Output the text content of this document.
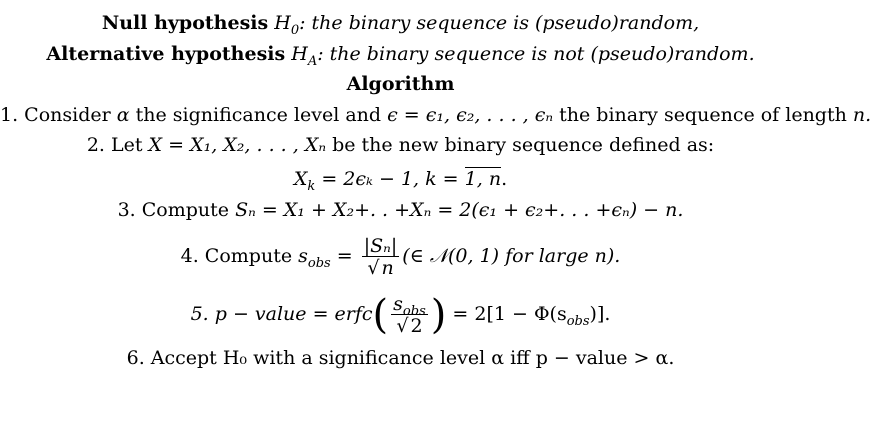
Null hypothesis $H_0$: the binary sequence is (pseudo)random,
Alternative hypothesis $H_A$: the binary sequence is not (pseudo)random.
Algorithm
1. Consider α the significance level and ϵ = ϵ₁, ϵ₂, . . . , ϵₙ the binary sequence of length n.
2. Let X = X₁, X₂, . . . , Xₙ be the new binary sequence defined as:
$X_k = 2\epsilon_k - 1$, k = 1, n.
3. Compute Sₙ = X₁ + X₂+. . +Xₙ = 2(ϵ₁ + ϵ₂+. . . +ϵₙ) − n.
4. Compute $s_{obs} = \frac{\text{|Sₙ|}}{√ n}$ (∈ 𝒩(0, 1) for large n).
5. p − value = erfc( $\frac{s_{obs}}{√ 2}$ ) = $2[1 - \Phi(s_{obs})]$.
6. Accept H₀ with a significance level α iff p − value > α.
